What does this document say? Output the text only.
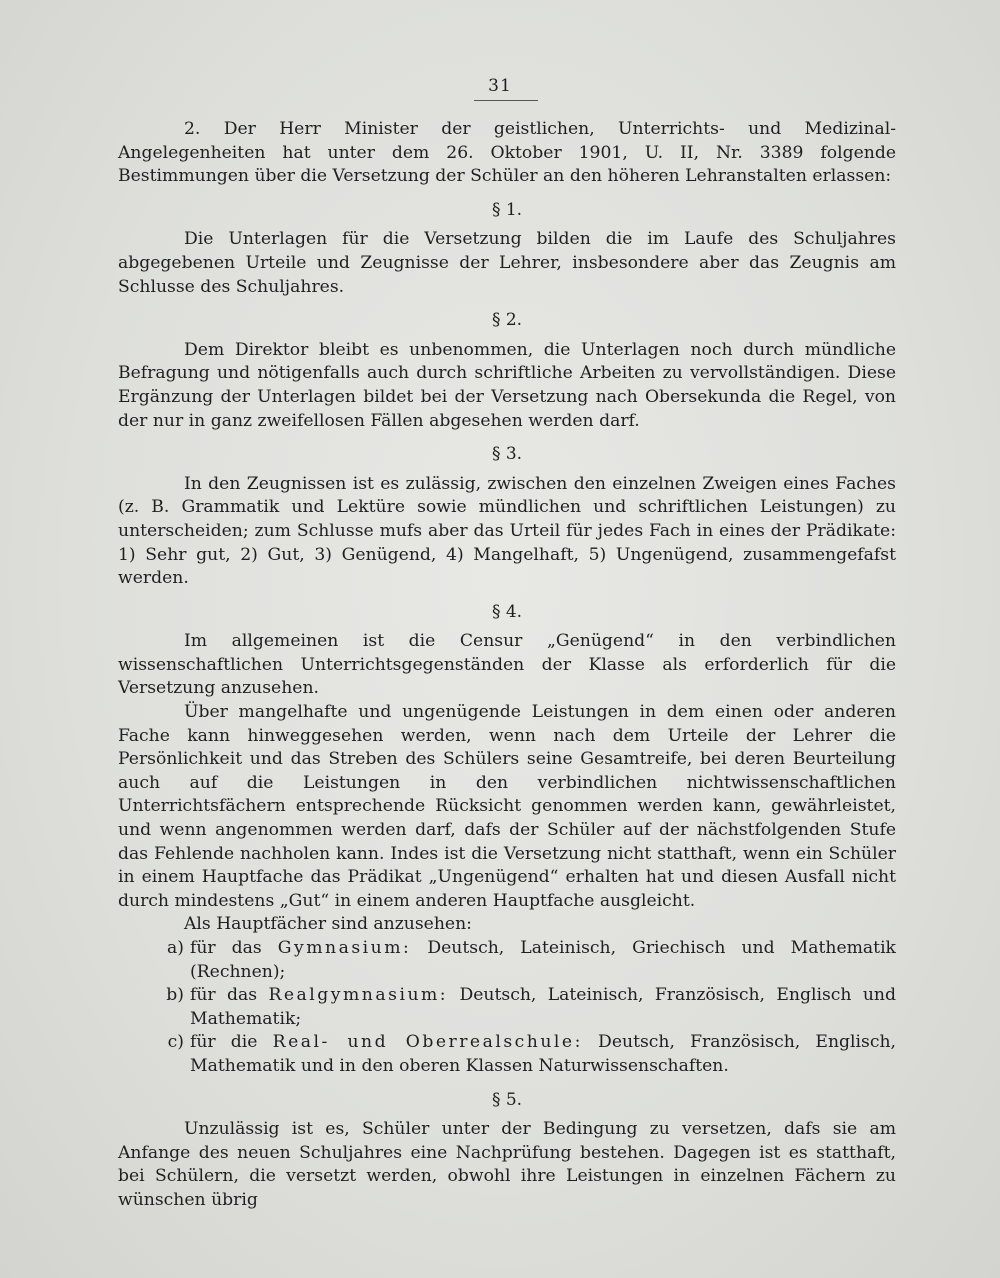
31

2. Der Herr Minister der geistlichen, Unterrichts- und Medizinal-Angelegenheiten hat unter dem 26. Oktober 1901, U. II, Nr. 3389 folgende Bestimmungen über die Versetzung der Schüler an den höheren Lehranstalten erlassen:

§ 1.

Die Unterlagen für die Versetzung bilden die im Laufe des Schuljahres abgegebenen Urteile und Zeugnisse der Lehrer, insbesondere aber das Zeugnis am Schlusse des Schuljahres.

§ 2.

Dem Direktor bleibt es unbenommen, die Unterlagen noch durch mündliche Befragung und nötigenfalls auch durch schriftliche Arbeiten zu vervollständigen. Diese Ergänzung der Unterlagen bildet bei der Versetzung nach Obersekunda die Regel, von der nur in ganz zweifellosen Fällen abgesehen werden darf.

§ 3.

In den Zeugnissen ist es zulässig, zwischen den einzelnen Zweigen eines Faches (z. B. Grammatik und Lektüre sowie mündlichen und schriftlichen Leistungen) zu unterscheiden; zum Schlusse mufs aber das Urteil für jedes Fach in eines der Prädikate: 1) Sehr gut, 2) Gut, 3) Genügend, 4) Mangelhaft, 5) Ungenügend, zusammengefafst werden.

§ 4.

Im allgemeinen ist die Censur „Genügend“ in den verbindlichen wissenschaftlichen Unterrichtsgegenständen der Klasse als erforderlich für die Versetzung anzusehen.

Über mangelhafte und ungenügende Leistungen in dem einen oder anderen Fache kann hinweggesehen werden, wenn nach dem Urteile der Lehrer die Persönlichkeit und das Streben des Schülers seine Gesamtreife, bei deren Beurteilung auch auf die Leistungen in den verbindlichen nichtwissenschaftlichen Unterrichtsfächern entsprechende Rücksicht genommen werden kann, gewährleistet, und wenn angenommen werden darf, dafs der Schüler auf der nächstfolgenden Stufe das Fehlende nachholen kann. Indes ist die Versetzung nicht statthaft, wenn ein Schüler in einem Hauptfache das Prädikat „Ungenügend“ erhalten hat und diesen Ausfall nicht durch mindestens „Gut“ in einem anderen Hauptfache ausgleicht.

Als Hauptfächer sind anzusehen:

a) für das Gymnasium: Deutsch, Lateinisch, Griechisch und Mathematik (Rechnen);
b) für das Realgymnasium: Deutsch, Lateinisch, Französisch, Englisch und Mathematik;
c) für die Real- und Oberrealschule: Deutsch, Französisch, Englisch, Mathematik und in den oberen Klassen Naturwissenschaften.
§ 5.

Unzulässig ist es, Schüler unter der Bedingung zu versetzen, dafs sie am Anfange des neuen Schuljahres eine Nachprüfung bestehen. Dagegen ist es statthaft, bei Schülern, die versetzt werden, obwohl ihre Leistungen in einzelnen Fächern zu wünschen übrig
